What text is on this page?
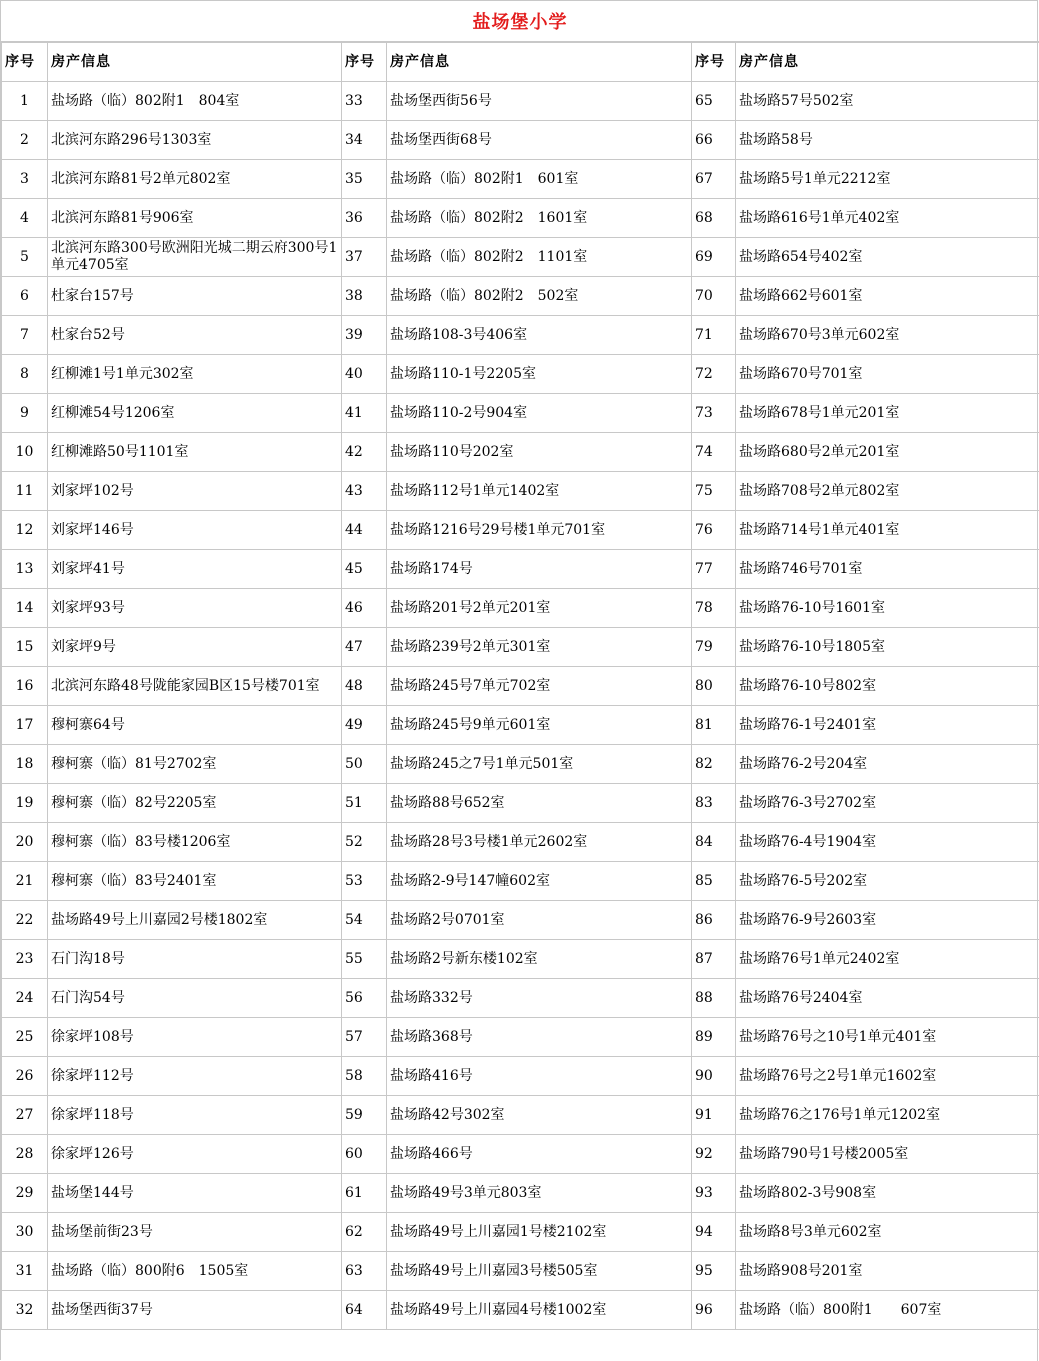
盐场堡小学
序号	房产信息	序号	房产信息	序号	房产信息
1	盐场路（临）802附1　804室	33	盐场堡西街56号	65	盐场路57号502室
2	北滨河东路296号1303室	34	盐场堡西街68号	66	盐场路58号
3	北滨河东路81号2单元802室	35	盐场路（临）802附1　601室	67	盐场路5号1单元2212室
4	北滨河东路81号906室	36	盐场路（临）802附2　1601室	68	盐场路616号1单元402室
5	北滨河东路300号欧洲阳光城二期云府300号1单元4705室	37	盐场路（临）802附2　1101室	69	盐场路654号402室
6	杜家台157号	38	盐场路（临）802附2　502室	70	盐场路662号601室
7	杜家台52号	39	盐场路108-3号406室	71	盐场路670号3单元602室
8	红柳滩1号1单元302室	40	盐场路110-1号2205室	72	盐场路670号701室
9	红柳滩54号1206室	41	盐场路110-2号904室	73	盐场路678号1单元201室
10	红柳滩路50号1101室	42	盐场路110号202室	74	盐场路680号2单元201室
11	刘家坪102号	43	盐场路112号1单元1402室	75	盐场路708号2单元802室
12	刘家坪146号	44	盐场路1216号29号楼1单元701室	76	盐场路714号1单元401室
13	刘家坪41号	45	盐场路174号	77	盐场路746号701室
14	刘家坪93号	46	盐场路201号2单元201室	78	盐场路76-10号1601室
15	刘家坪9号	47	盐场路239号2单元301室	79	盐场路76-10号1805室
16	北滨河东路48号陇能家园B区15号楼701室	48	盐场路245号7单元702室	80	盐场路76-10号802室
17	穆柯寨64号	49	盐场路245号9单元601室	81	盐场路76-1号2401室
18	穆柯寨（临）81号2702室	50	盐场路245之7号1单元501室	82	盐场路76-2号204室
19	穆柯寨（临）82号2205室	51	盐场路88号652室	83	盐场路76-3号2702室
20	穆柯寨（临）83号楼1206室	52	盐场路28号3号楼1单元2602室	84	盐场路76-4号1904室
21	穆柯寨（临）83号2401室	53	盐场路2-9号147幢602室	85	盐场路76-5号202室
22	盐场路49号上川嘉园2号楼1802室	54	盐场路2号0701室	86	盐场路76-9号2603室
23	石门沟18号	55	盐场路2号新东楼102室	87	盐场路76号1单元2402室
24	石门沟54号	56	盐场路332号	88	盐场路76号2404室
25	徐家坪108号	57	盐场路368号	89	盐场路76号之10号1单元401室
26	徐家坪112号	58	盐场路416号	90	盐场路76号之2号1单元1602室
27	徐家坪118号	59	盐场路42号302室	91	盐场路76之176号1单元1202室
28	徐家坪126号	60	盐场路466号	92	盐场路790号1号楼2005室
29	盐场堡144号	61	盐场路49号3单元803室	93	盐场路802-3号908室
30	盐场堡前街23号	62	盐场路49号上川嘉园1号楼2102室	94	盐场路8号3单元602室
31	盐场路（临）800附6　1505室	63	盐场路49号上川嘉园3号楼505室	95	盐场路908号201室
32	盐场堡西街37号	64	盐场路49号上川嘉园4号楼1002室	96	盐场路（临）800附1　　607室
